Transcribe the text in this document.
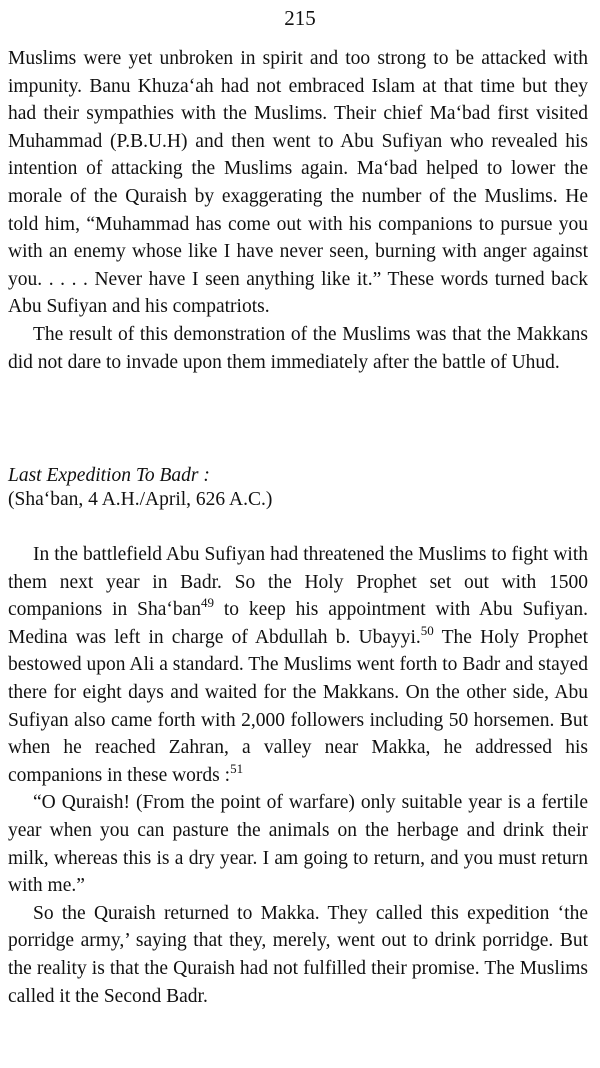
215

Muslims were yet unbroken in spirit and too strong to be attacked with impunity. Banu Khuza‘ah had not embraced Islam at that time but they had their sympathies with the Muslims. Their chief Ma‘bad first visited Muhammad (P.B.U.H) and then went to Abu Sufiyan who revealed his intention of attacking the Muslims again. Ma‘bad helped to lower the morale of the Quraish by exaggerating the number of the Muslims. He told him, “Muhammad has come out with his companions to pursue you with an enemy whose like I have never seen, burning with anger against you. . . . . Never have I seen anything like it.” These words turned back Abu Sufiyan and his compatriots.

The result of this demonstration of the Muslims was that the Makkans did not dare to invade upon them immediately after the battle of Uhud.

Last Expedition To Badr :

(Sha‘ban, 4 A.H./April, 626 A.C.)

In the battlefield Abu Sufiyan had threatened the Muslims to fight with them next year in Badr. So the Holy Prophet set out with 1500 companions in Sha‘ban$^{49}$ to keep his appointment with Abu Sufiyan. Medina was left in charge of Abdullah b. Ubayyi.$^{50}$ The Holy Prophet bestowed upon Ali a standard. The Muslims went forth to Badr and stayed there for eight days and waited for the Makkans. On the other side, Abu Sufiyan also came forth with 2,000 followers including 50 horsemen. But when he reached Zahran, a valley near Makka, he addressed his companions in these words :$^{51}$

“O Quraish! (From the point of warfare) only suitable year is a fertile year when you can pasture the animals on the herbage and drink their milk, whereas this is a dry year. I am going to return, and you must return with me.”

So the Quraish returned to Makka. They called this expedition ‘the porridge army,’ saying that they, merely, went out to drink porridge. But the reality is that the Quraish had not fulfilled their promise. The Muslims called it the Second Badr.
